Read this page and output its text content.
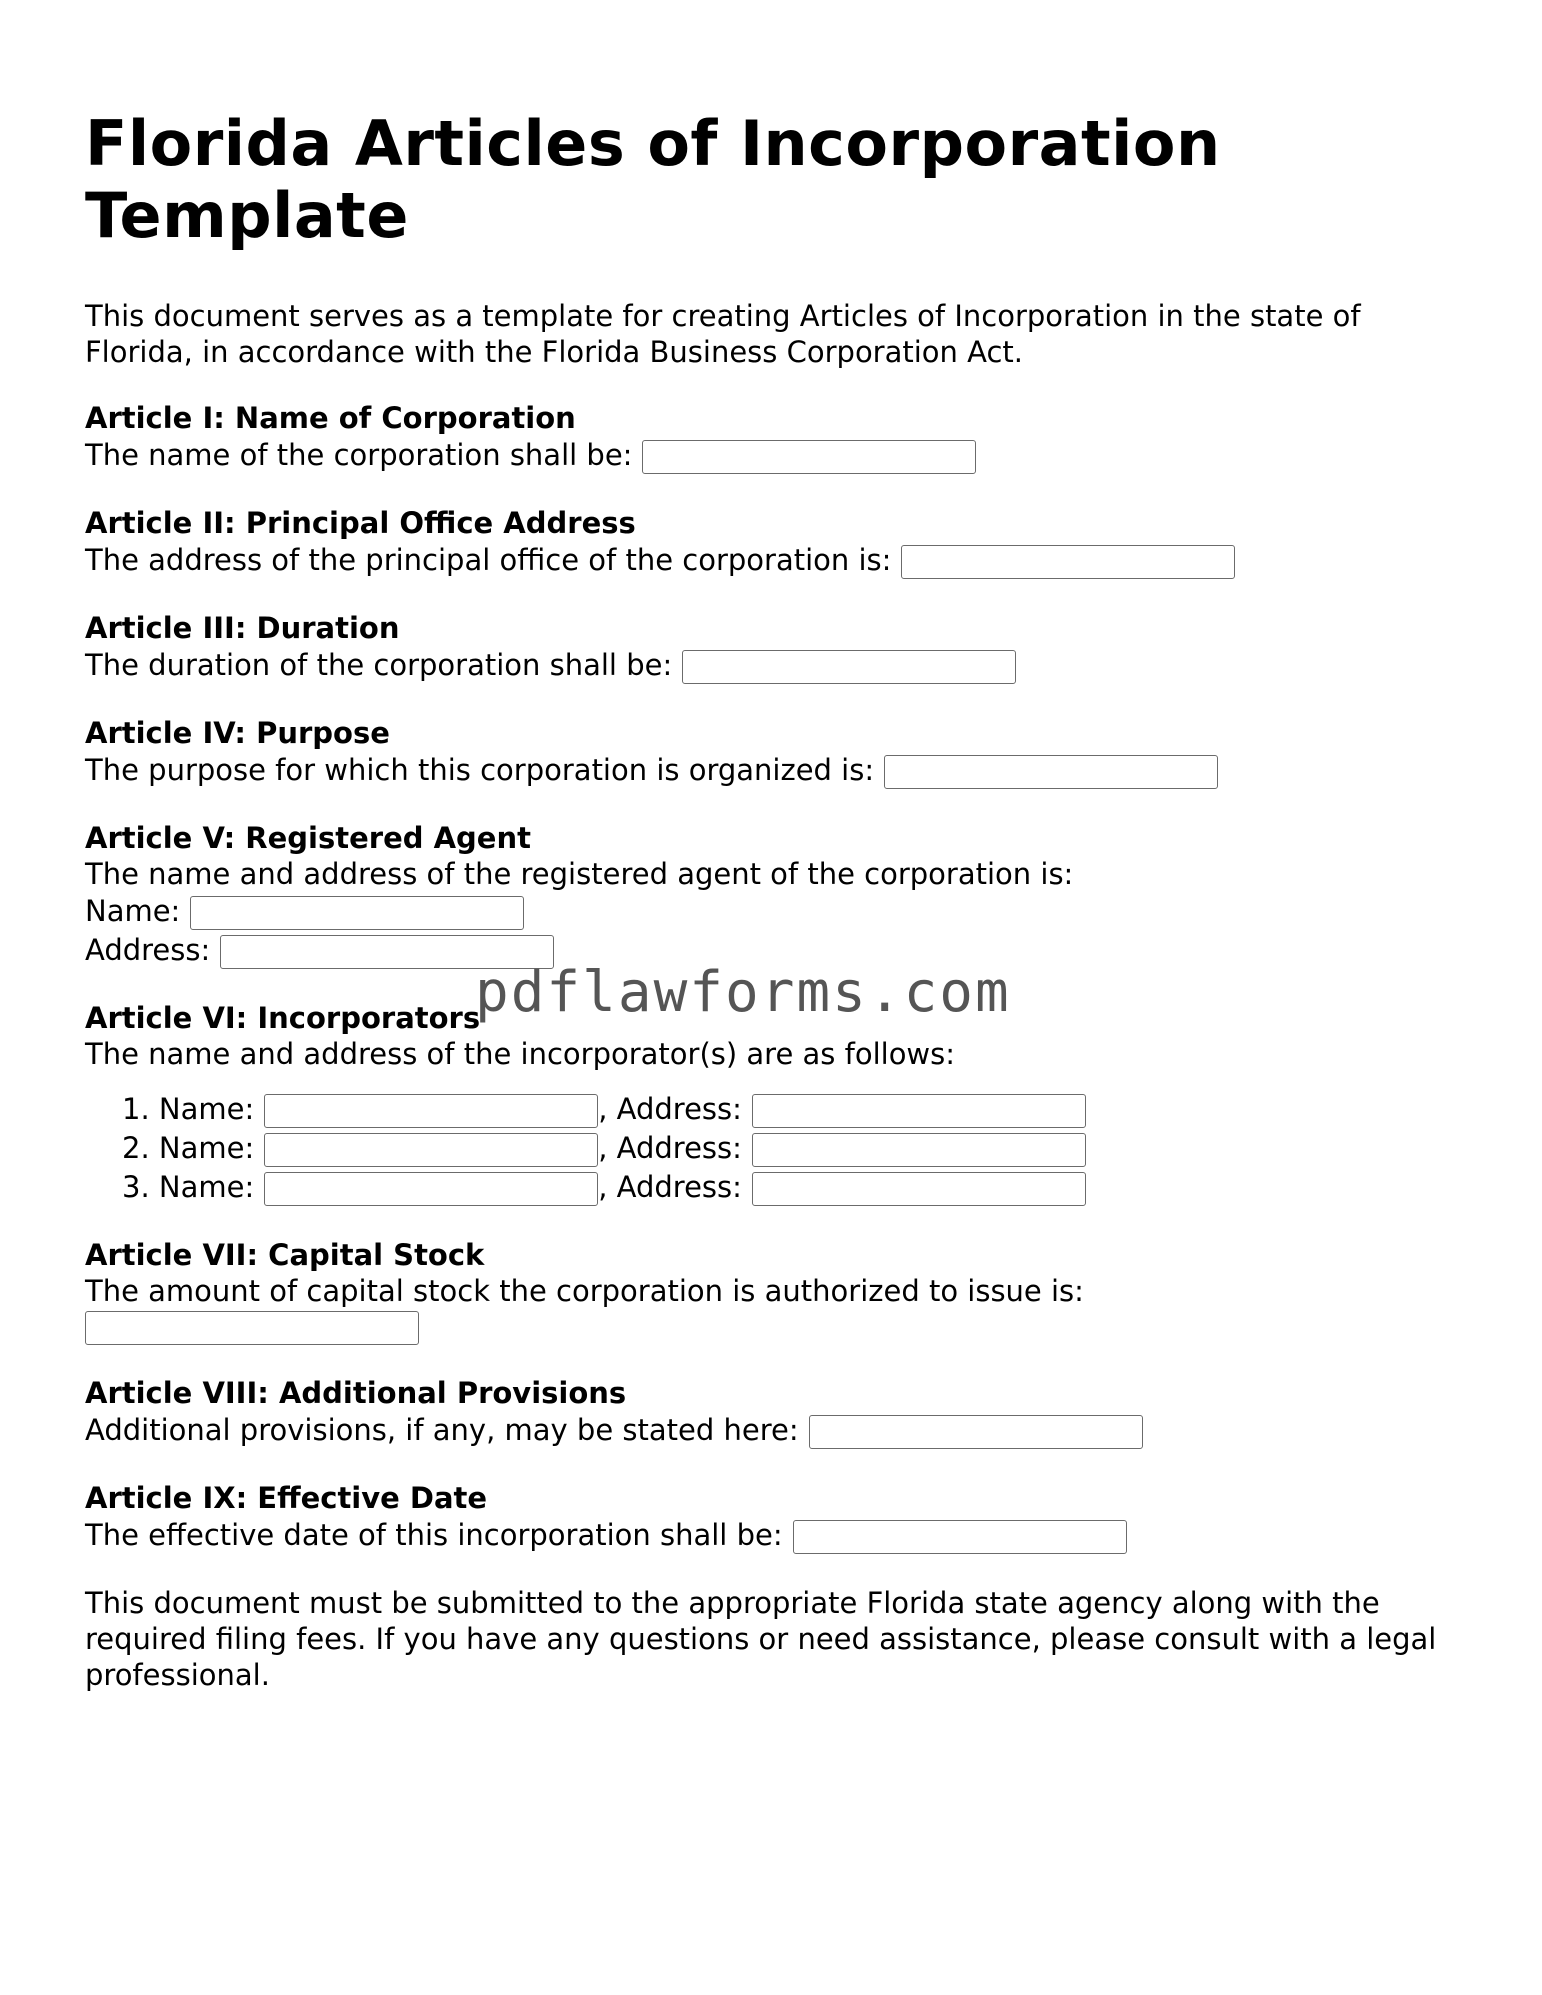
Florida Articles of Incorporation Template

This document serves as a template for creating Articles of Incorporation in the state of Florida, in accordance with the Florida Business Corporation Act.

Article I: Name of Corporation
The name of the corporation shall be:
Article II: Principal Office Address
The address of the principal office of the corporation is:
Article III: Duration
The duration of the corporation shall be:
Article IV: Purpose
The purpose for which this corporation is organized is:
Article V: Registered Agent
The name and address of the registered agent of the corporation is:
Name:
Address:
Article VI: Incorporators
The name and address of the incorporator(s) are as follows:
1. Name:	, Address:
2. Name:	, Address:
3. Name:	, Address:
Article VII: Capital Stock
The amount of capital stock the corporation is authorized to issue is:
Article VIII: Additional Provisions
Additional provisions, if any, may be stated here:
Article IX: Effective Date
The effective date of this incorporation shall be:

This document must be submitted to the appropriate Florida state agency along with the required filing fees. If you have any questions or need assistance, please consult with a legal professional.

pdflawforms.com
